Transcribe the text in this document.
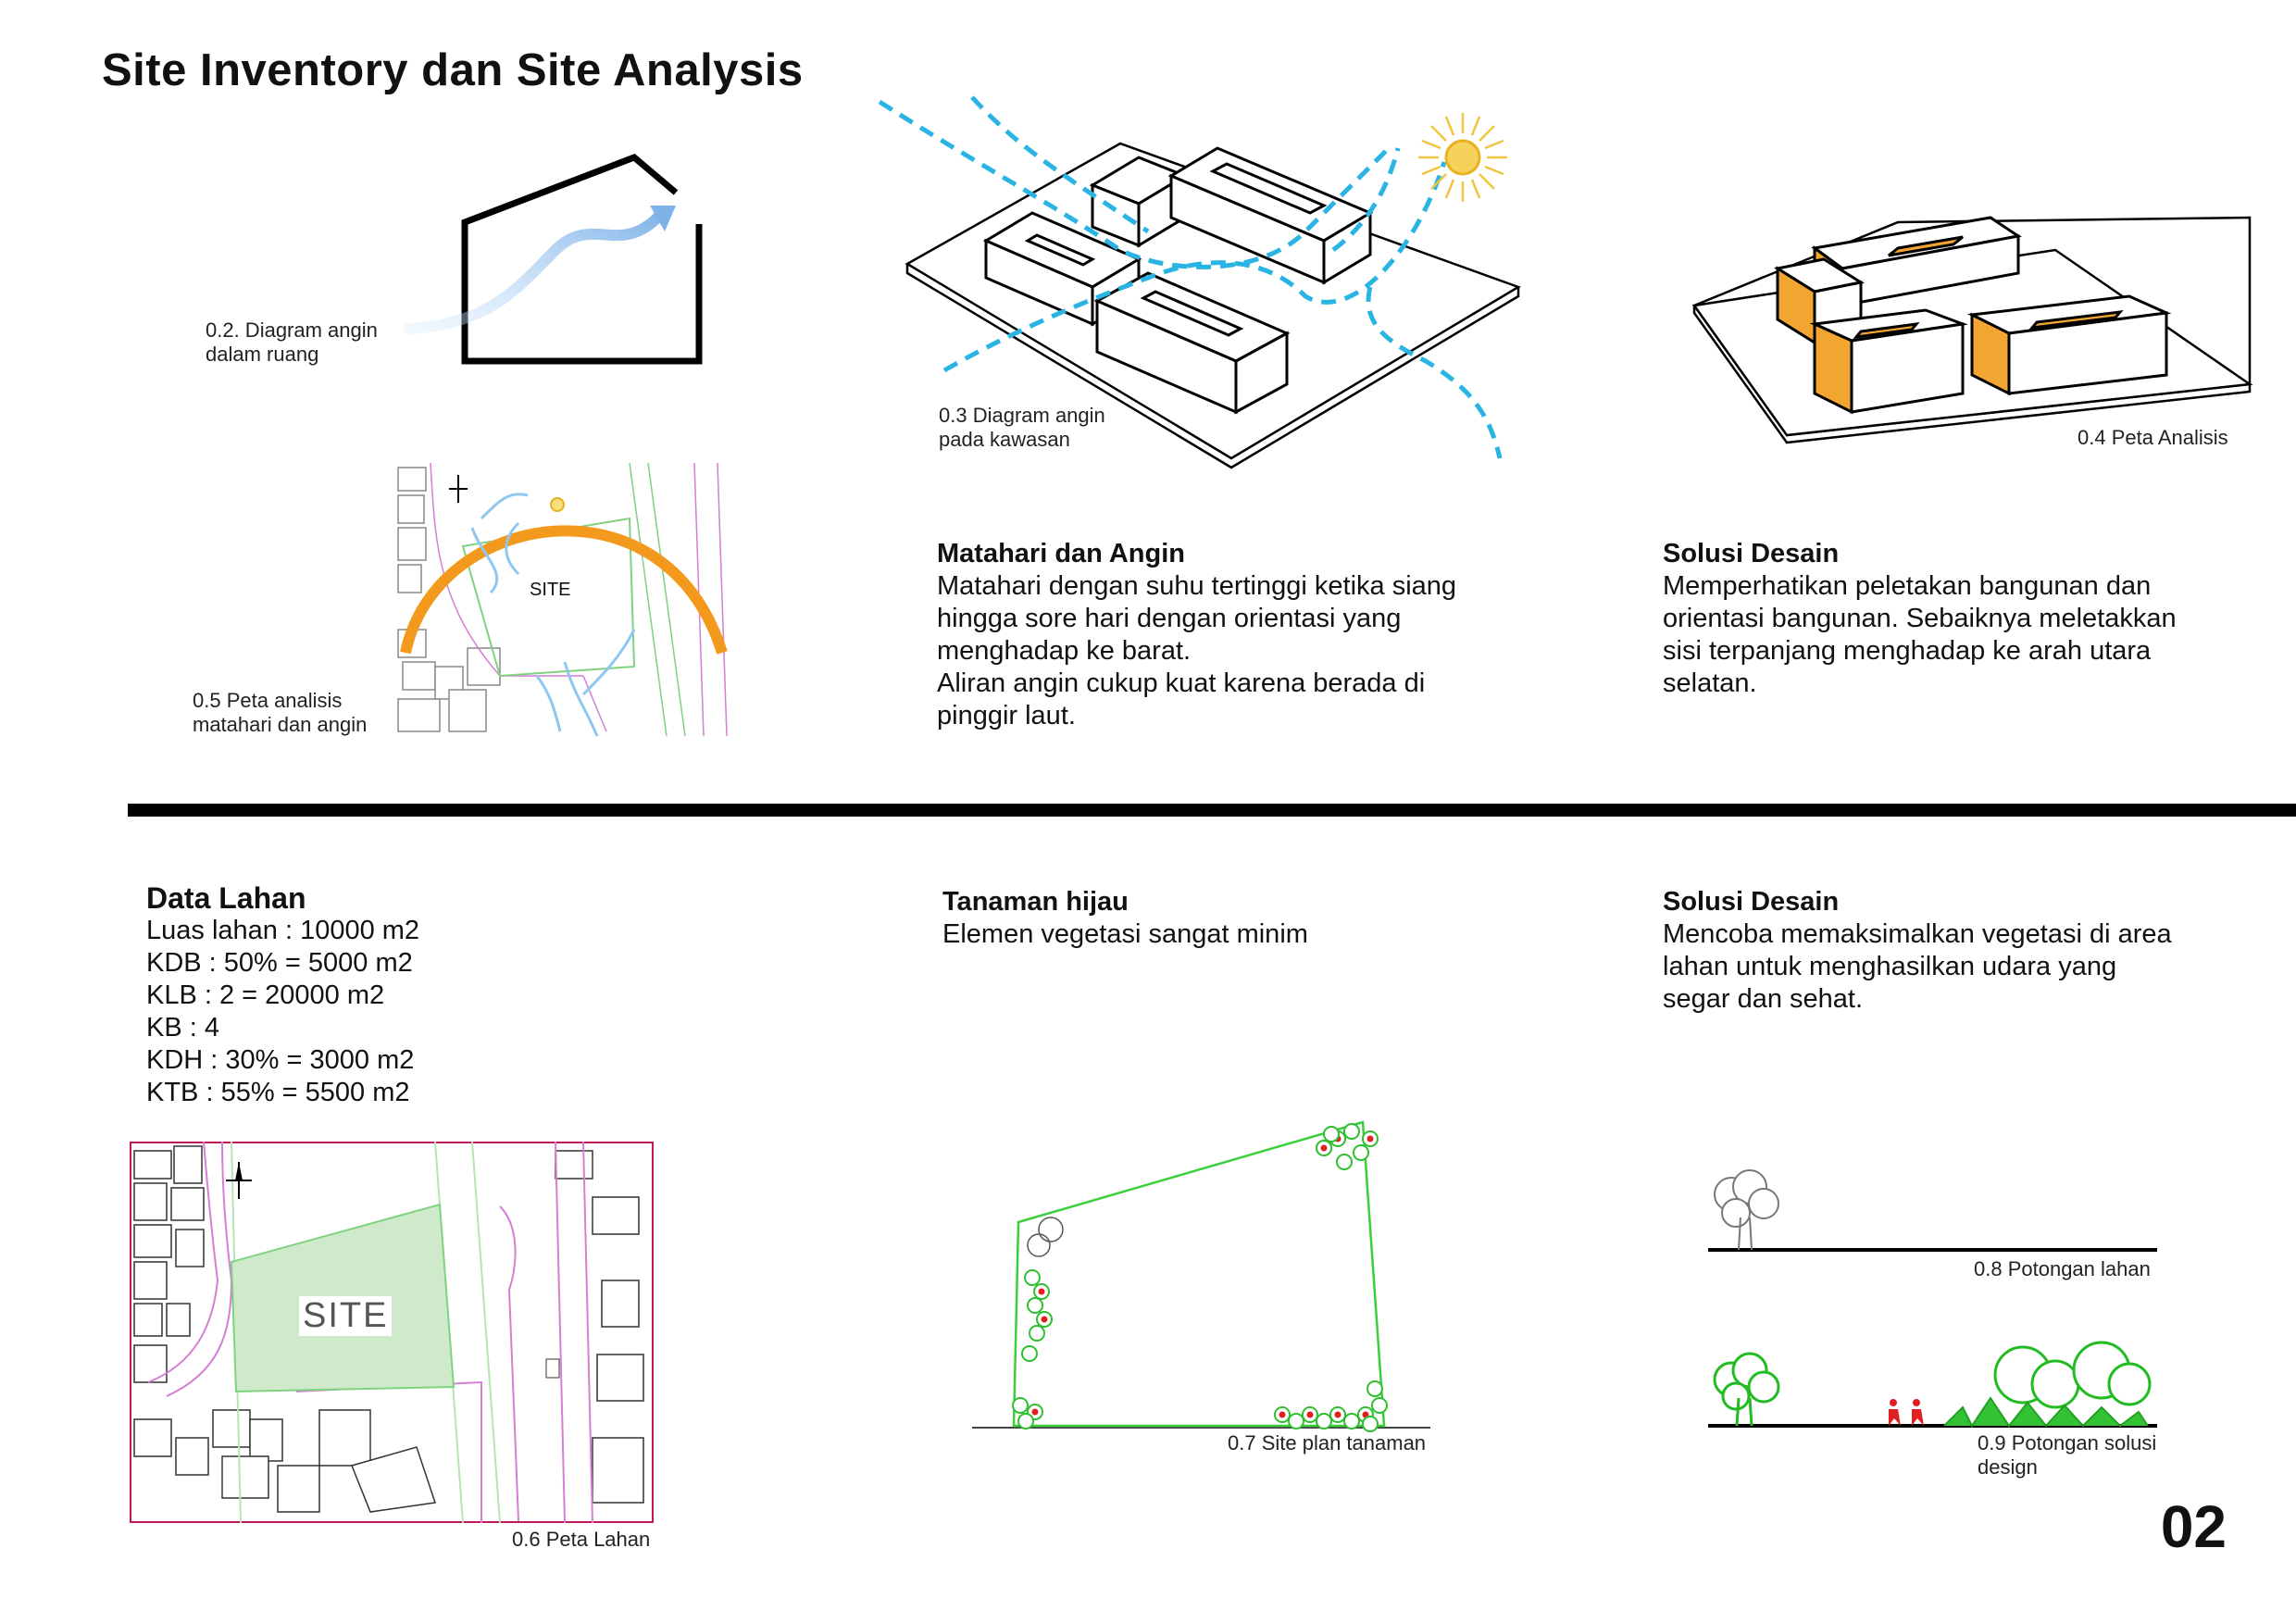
Site Inventory dan Site Analysis
0.2. Diagram angin
dalam ruang
0.3 Diagram angin
pada kawasan	0.4 Peta Analisis
SITE
0.5 Peta analisis
matahari dan angin
Matahari dan Angin
Matahari dengan suhu tertinggi ketika siang
hingga sore hari dengan orientasi yang
menghadap ke barat.
Aliran angin cukup kuat karena berada di
pinggir laut.
Solusi Desain
Memperhatikan peletakan bangunan dan
orientasi bangunan. Sebaiknya meletakkan
sisi terpanjang menghadap ke arah utara
selatan.
Data Lahan
Luas lahan : 10000 m2
KDB : 50% = 5000 m2
KLB : 2 = 20000 m2
KB : 4
KDH : 30% = 3000 m2
KTB : 55% = 5500 m2
Tanaman hijau
Elemen vegetasi sangat minim
Solusi Desain
Mencoba memaksimalkan vegetasi di area
lahan untuk menghasilkan udara yang
segar dan sehat.
SITE
0.6 Peta Lahan
0.7 Site plan tanaman
0.8 Potongan lahan
0.9 Potongan solusi
design
02
